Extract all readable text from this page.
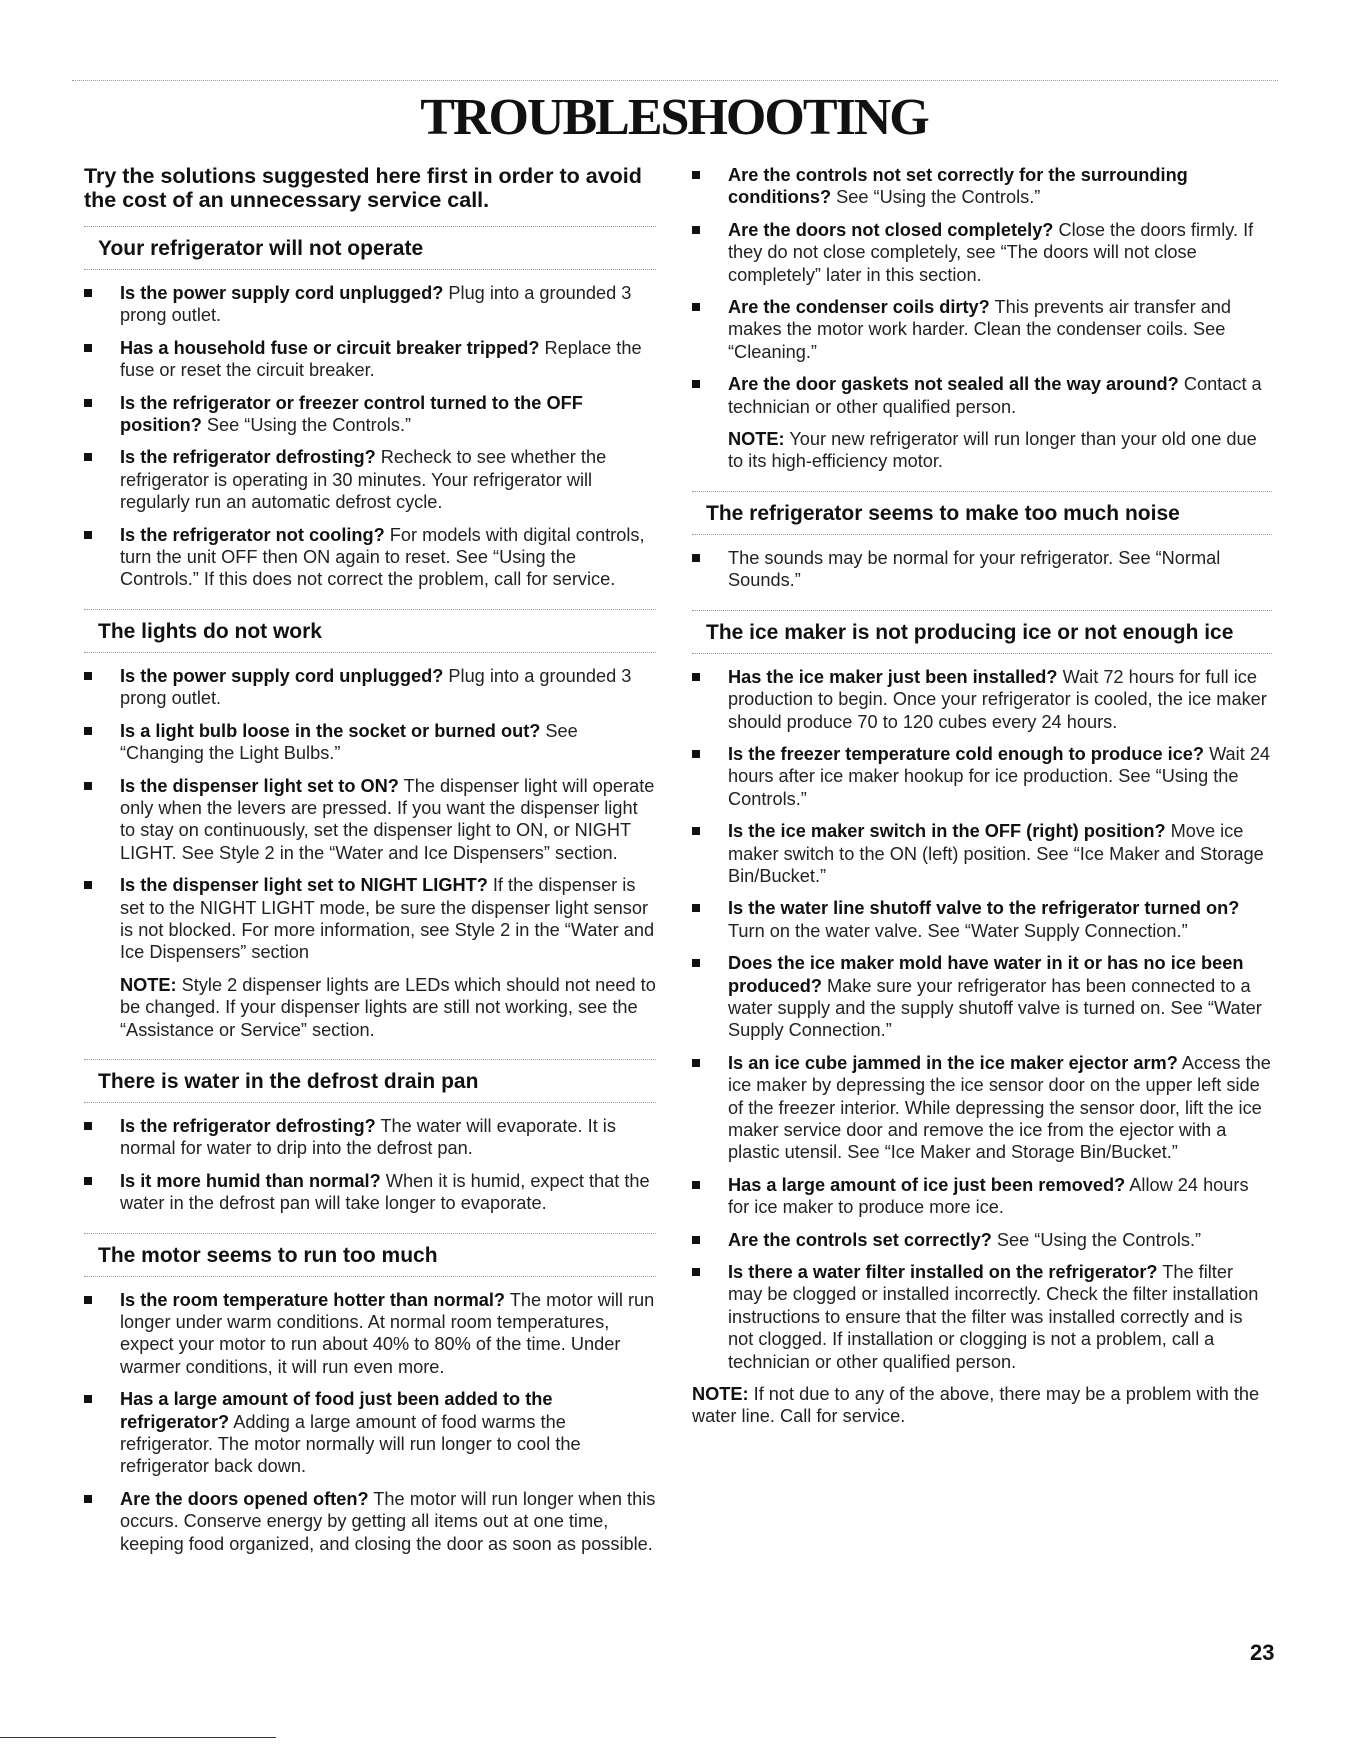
TROUBLESHOOTING

Try the solutions suggested here first in order to avoid the cost of an unnecessary service call.

Your refrigerator will not operate
Is the power supply cord unplugged? Plug into a grounded 3 prong outlet.
Has a household fuse or circuit breaker tripped? Replace the fuse or reset the circuit breaker.
Is the refrigerator or freezer control turned to the OFF position? See “Using the Controls.”
Is the refrigerator defrosting? Recheck to see whether the refrigerator is operating in 30 minutes. Your refrigerator will regularly run an automatic defrost cycle.
Is the refrigerator not cooling? For models with digital controls, turn the unit OFF then ON again to reset. See “Using the Controls.” If this does not correct the problem, call for service.
The lights do not work
Is the power supply cord unplugged? Plug into a grounded 3 prong outlet.
Is a light bulb loose in the socket or burned out? See “Changing the Light Bulbs.”
Is the dispenser light set to ON? The dispenser light will operate only when the levers are pressed. If you want the dispenser light to stay on continuously, set the dispenser light to ON, or NIGHT LIGHT. See Style 2 in the “Water and Ice Dispensers” section.
Is the dispenser light set to NIGHT LIGHT? If the dispenser is set to the NIGHT LIGHT mode, be sure the dispenser light sensor is not blocked. For more information, see Style 2 in the “Water and Ice Dispensers” section

NOTE: Style 2 dispenser lights are LEDs which should not need to be changed. If your dispenser lights are still not working, see the “Assistance or Service” section.

There is water in the defrost drain pan
Is the refrigerator defrosting? The water will evaporate. It is normal for water to drip into the defrost pan.
Is it more humid than normal? When it is humid, expect that the water in the defrost pan will take longer to evaporate.
The motor seems to run too much
Is the room temperature hotter than normal? The motor will run longer under warm conditions. At normal room temperatures, expect your motor to run about 40% to 80% of the time. Under warmer conditions, it will run even more.
Has a large amount of food just been added to the refrigerator? Adding a large amount of food warms the refrigerator. The motor normally will run longer to cool the refrigerator back down.
Are the doors opened often? The motor will run longer when this occurs. Conserve energy by getting all items out at one time, keeping food organized, and closing the door as soon as possible.
Are the controls not set correctly for the surrounding conditions? See “Using the Controls.”
Are the doors not closed completely? Close the doors firmly. If they do not close completely, see “The doors will not close completely” later in this section.
Are the condenser coils dirty? This prevents air transfer and makes the motor work harder. Clean the condenser coils. See “Cleaning.”
Are the door gaskets not sealed all the way around? Contact a technician or other qualified person.

NOTE: Your new refrigerator will run longer than your old one due to its high-efficiency motor.

The refrigerator seems to make too much noise
The sounds may be normal for your refrigerator. See “Normal Sounds.”
The ice maker is not producing ice or not enough ice
Has the ice maker just been installed? Wait 72 hours for full ice production to begin. Once your refrigerator is cooled, the ice maker should produce 70 to 120 cubes every 24 hours.
Is the freezer temperature cold enough to produce ice? Wait 24 hours after ice maker hookup for ice production. See “Using the Controls.”
Is the ice maker switch in the OFF (right) position? Move ice maker switch to the ON (left) position. See “Ice Maker and Storage Bin/Bucket.”
Is the water line shutoff valve to the refrigerator turned on? Turn on the water valve. See “Water Supply Connection.”
Does the ice maker mold have water in it or has no ice been produced? Make sure your refrigerator has been connected to a water supply and the supply shutoff valve is turned on. See “Water Supply Connection.”
Is an ice cube jammed in the ice maker ejector arm? Access the ice maker by depressing the ice sensor door on the upper left side of the freezer interior. While depressing the sensor door, lift the ice maker service door and remove the ice from the ejector with a plastic utensil. See “Ice Maker and Storage Bin/Bucket.”
Has a large amount of ice just been removed? Allow 24 hours for ice maker to produce more ice.
Are the controls set correctly? See “Using the Controls.”
Is there a water filter installed on the refrigerator? The filter may be clogged or installed incorrectly. Check the filter installation instructions to ensure that the filter was installed correctly and is not clogged. If installation or clogging is not a problem, call a technician or other qualified person.

NOTE: If not due to any of the above, there may be a problem with the water line. Call for service.

23
